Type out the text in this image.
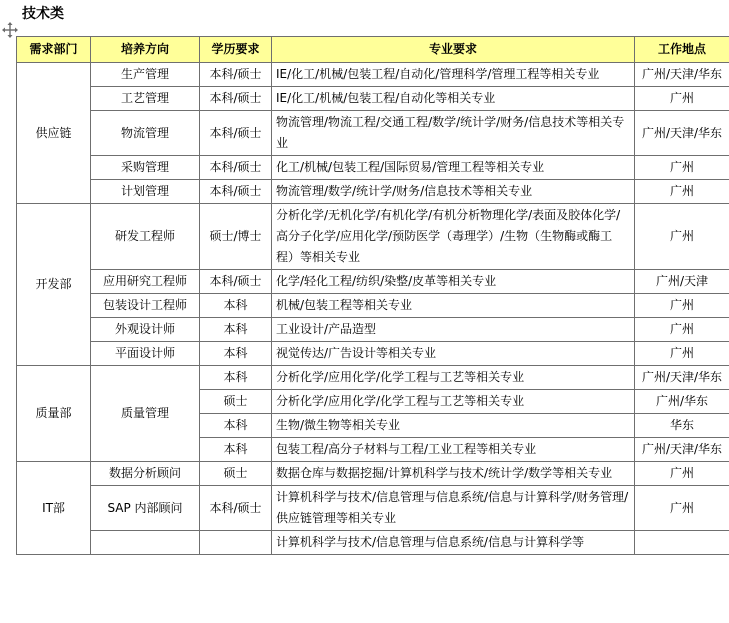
技术类
需求部门	培养方向	学历要求	专业要求	工作地点
供应链	生产管理	本科/硕士	IE/化工/机械/包装工程/自动化/管理科学/管理工程等相关专业	广州/天津/华东
	工艺管理	本科/硕士	IE/化工/机械/包装工程/自动化等相关专业	广州
	物流管理	本科/硕士	物流管理/物流工程/交通工程/数学/统计学/财务/信息技术等相关专业	广州/天津/华东
	采购管理	本科/硕士	化工/机械/包装工程/国际贸易/管理工程等相关专业	广州
	计划管理	本科/硕士	物流管理/数学/统计学/财务/信息技术等相关专业	广州
开发部	研发工程师	硕士/博士	分析化学/无机化学/有机化学/有机分析物理化学/表面及胶体化学/高分子化学/应用化学/预防医学（毒理学）/生物（生物酶或酶工程）等相关专业	广州
	应用研究工程师	本科/硕士	化学/轻化工程/纺织/染整/皮革等相关专业	广州/天津
	包装设计工程师	本科	机械/包装工程等相关专业	广州
	外观设计师	本科	工业设计/产品造型	广州
	平面设计师	本科	视觉传达/广告设计等相关专业	广州
质量部	质量管理	本科	分析化学/应用化学/化学工程与工艺等相关专业	广州/天津/华东
		硕士	分析化学/应用化学/化学工程与工艺等相关专业	广州/华东
		本科	生物/微生物等相关专业	华东
		本科	包装工程/高分子材料与工程/工业工程等相关专业	广州/天津/华东
IT部	数据分析顾问	硕士	数据仓库与数据挖掘/计算机科学与技术/统计学/数学等相关专业	广州
	SAP 内部顾问	本科/硕士	计算机科学与技术/信息管理与信息系统/信息与计算科学/财务管理/供应链管理等相关专业	广州
			计算机科学与技术/信息管理与信息系统/信息与计算科学等	
